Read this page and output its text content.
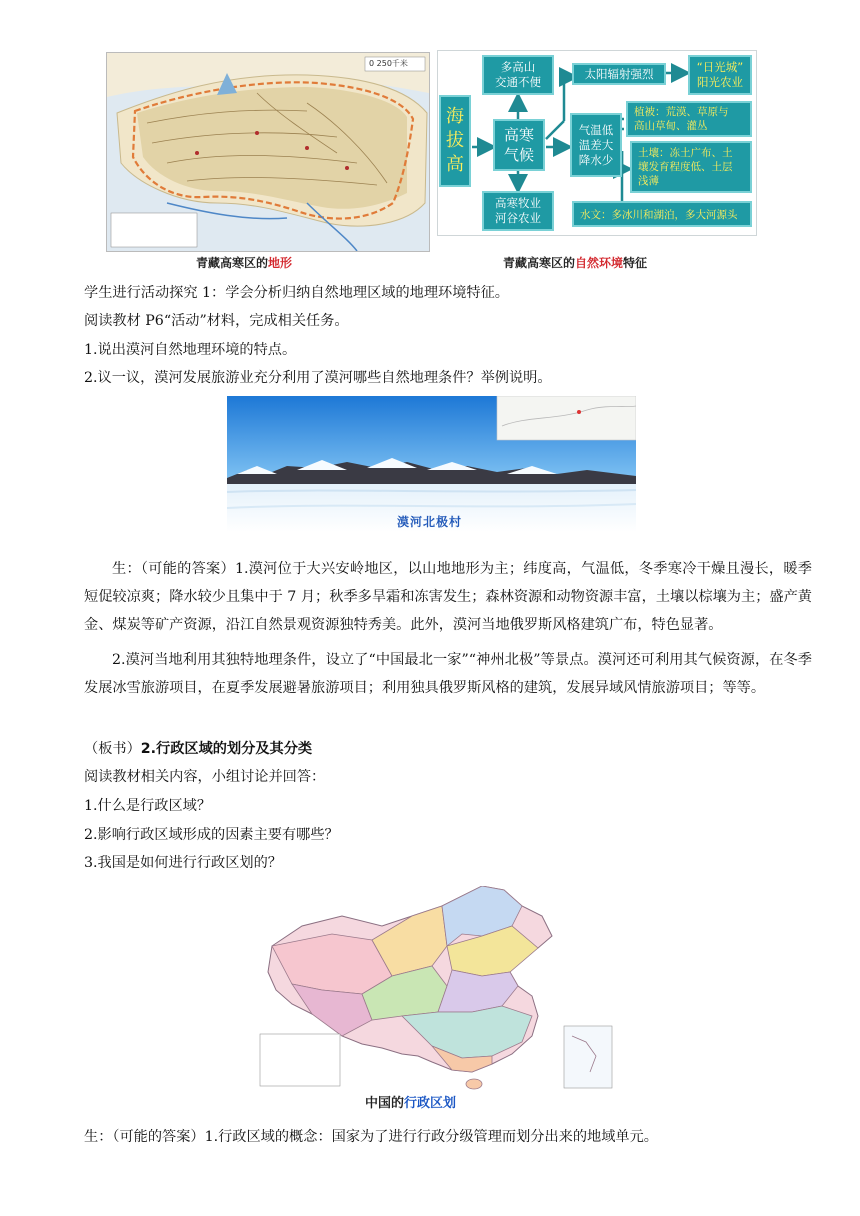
0 250千米
青藏高寒区的地形
海
拔
高
高寒
气候
多高山
交通不便
高寒牧业
河谷农业
气温低
温差大
降水少
太阳辐射强烈	“日光城”
阳光农业
植被：荒漠、草原与
高山草甸、灌丛
土壤：冻土广布、土
壤发育程度低、土层
浅薄
水文：多冰川和湖泊，多大河源头
青藏高寒区的自然环境特征
学生进行活动探究 1：学会分析归纳自然地理区域的地理环境特征。
阅读教材 P6“活动”材料，完成相关任务。
1.说出漠河自然地理环境的特点。
2.议一议，漠河发展旅游业充分利用了漠河哪些自然地理条件？举例说明。
漠河北极村
生：（可能的答案）1.漠河位于大兴安岭地区，以山地地形为主；纬度高，气温低，冬季寒冷干燥且漫长，暖季短促较凉爽；降水较少且集中于 7 月；秋季多旱霜和冻害发生；森林资源和动物资源丰富，土壤以棕壤为主；盛产黄金、煤炭等矿产资源，沿江自然景观资源独特秀美。此外，漠河当地俄罗斯风格建筑广布，特色显著。
2.漠河当地利用其独特地理条件，设立了“中国最北一家”“神州北极”等景点。漠河还可利用其气候资源，在冬季发展冰雪旅游项目，在夏季发展避暑旅游项目；利用独具俄罗斯风格的建筑，发展异域风情旅游项目；等等。
（板书）2.行政区域的划分及其分类
阅读教材相关内容，小组讨论并回答：
1.什么是行政区域？
2.影响行政区域形成的因素主要有哪些？
3.我国是如何进行行政区划的？
中国的行政区划
生：（可能的答案）1.行政区域的概念：国家为了进行行政分级管理而划分出来的地域单元。
